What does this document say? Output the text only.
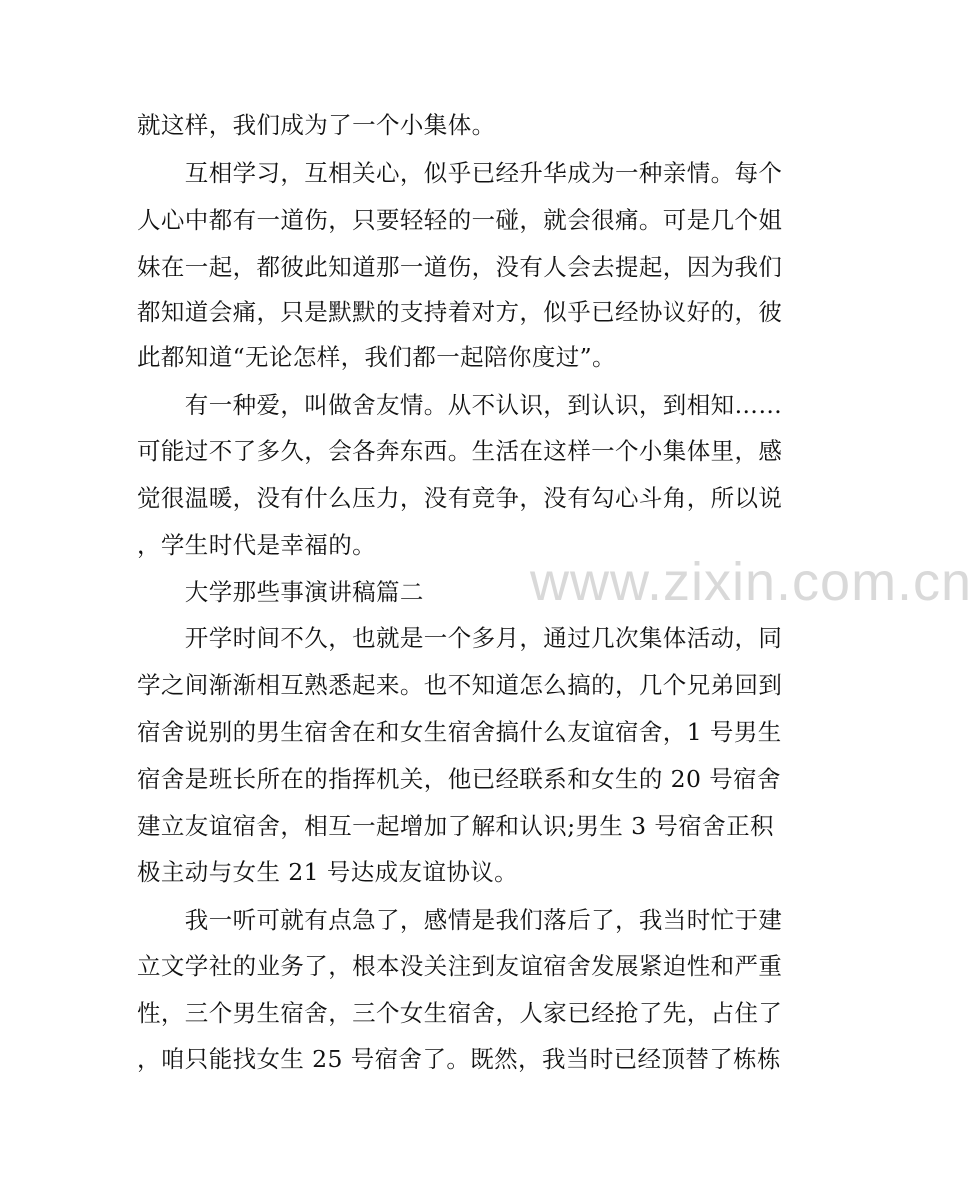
www.zixin.com.cn
就这样，我们成为了一个小集体。
　　互相学习，互相关心，似乎已经升华成为一种亲情。每个
人心中都有一道伤，只要轻轻的一碰，就会很痛。可是几个姐
妹在一起，都彼此知道那一道伤，没有人会去提起，因为我们
都知道会痛，只是默默的支持着对方，似乎已经协议好的，彼
此都知道“无论怎样，我们都一起陪你度过”。
　　有一种爱，叫做舍友情。从不认识，到认识，到相知……
可能过不了多久，会各奔东西。生活在这样一个小集体里，感
觉很温暖，没有什么压力，没有竞争，没有勾心斗角，所以说
，学生时代是幸福的。
　　大学那些事演讲稿篇二
　　开学时间不久，也就是一个多月，通过几次集体活动，同
学之间渐渐相互熟悉起来。也不知道怎么搞的，几个兄弟回到
宿舍说别的男生宿舍在和女生宿舍搞什么友谊宿舍，1 号男生
宿舍是班长所在的指挥机关，他已经联系和女生的 20 号宿舍
建立友谊宿舍，相互一起增加了解和认识;男生 3 号宿舍正积
极主动与女生 21 号达成友谊协议。
　　我一听可就有点急了，感情是我们落后了，我当时忙于建
立文学社的业务了，根本没关注到友谊宿舍发展紧迫性和严重
性，三个男生宿舍，三个女生宿舍，人家已经抢了先，占住了
，咱只能找女生 25 号宿舍了。既然，我当时已经顶替了栋栋
